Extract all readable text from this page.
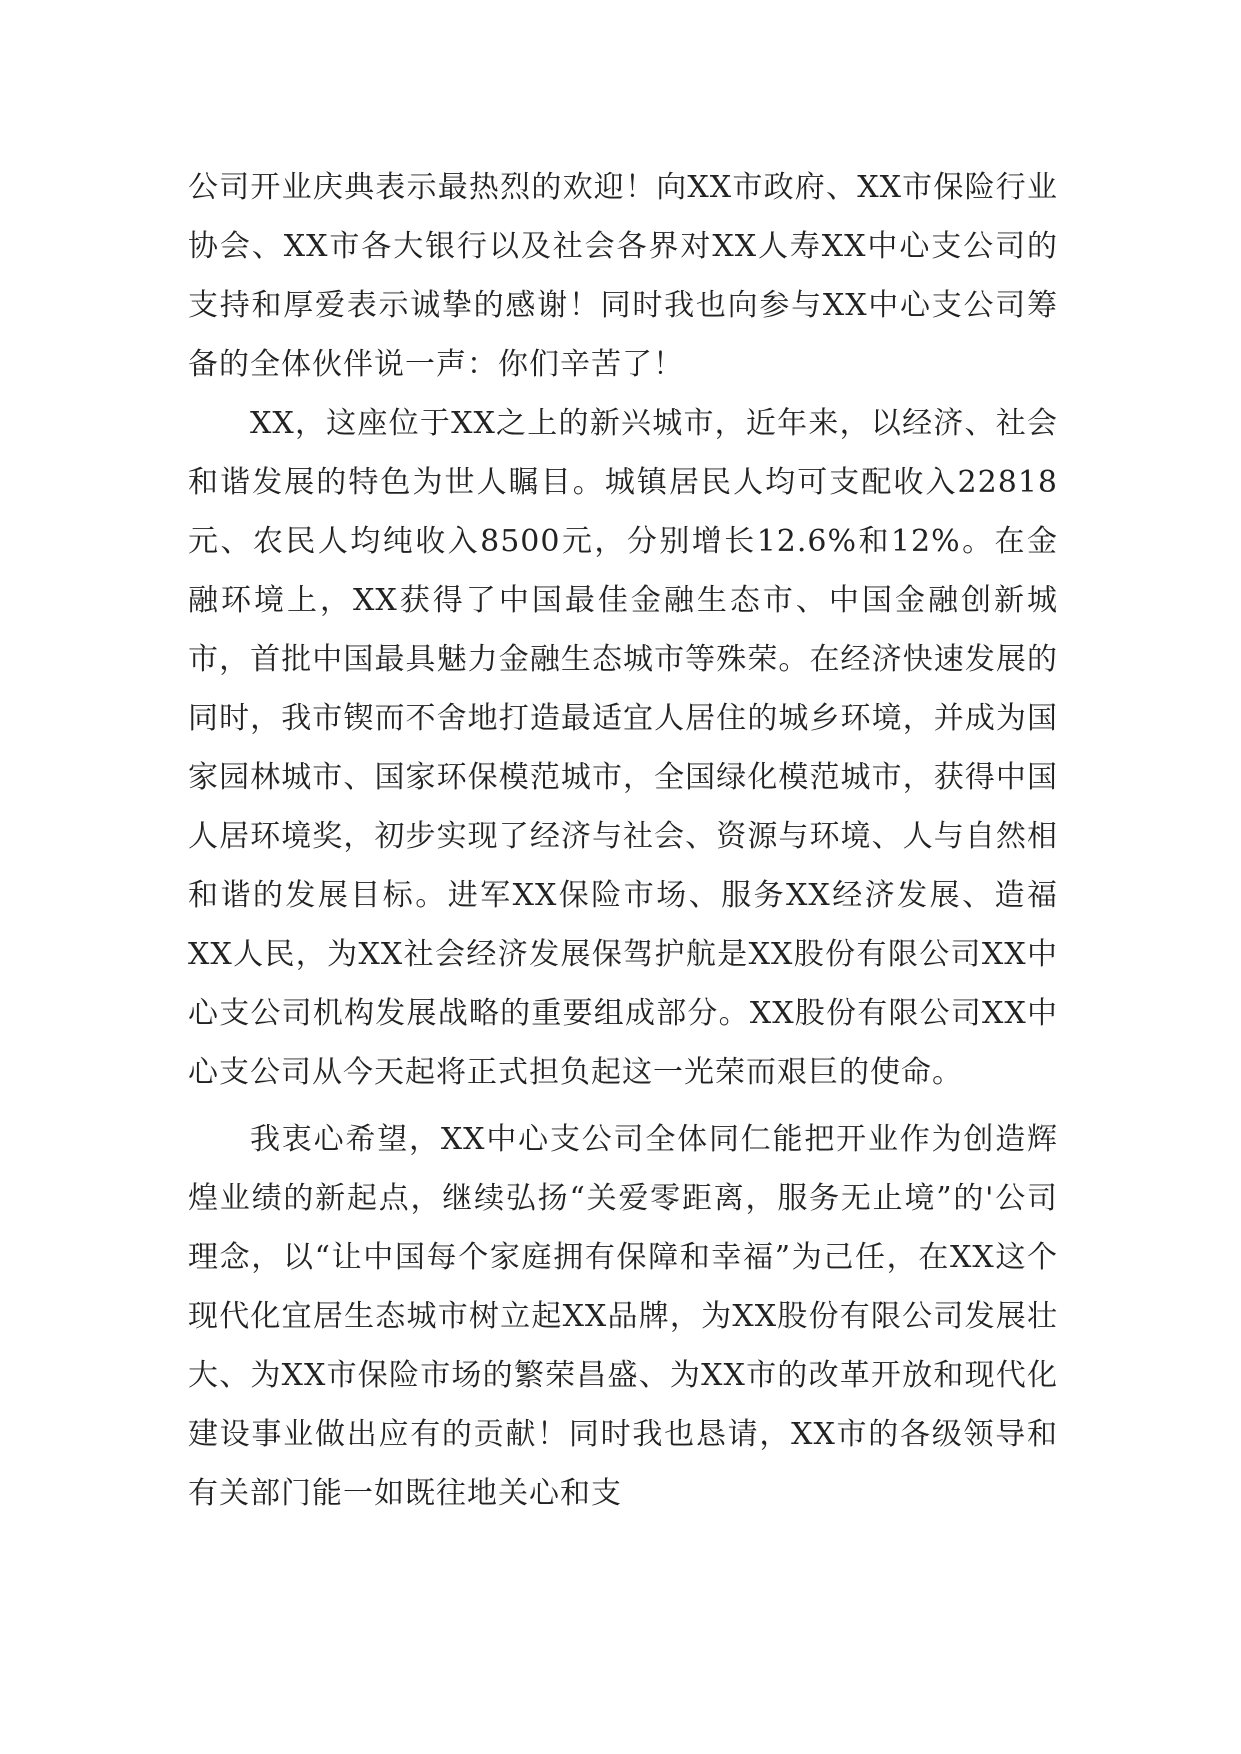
公司开业庆典表示最热烈的欢迎！向XX市政府、XX市保险行业协会、XX市各大银行以及社会各界对XX人寿XX中心支公司的支持和厚爱表示诚挚的感谢！同时我也向参与XX中心支公司筹备的全体伙伴说一声：你们辛苦了！

XX，这座位于XX之上的新兴城市，近年来，以经济、社会和谐发展的特色为世人瞩目。城镇居民人均可支配收入22818元、农民人均纯收入8500元，分别增长12.6%和12%。在金融环境上，XX获得了中国最佳金融生态市、中国金融创新城市，首批中国最具魅力金融生态城市等殊荣。在经济快速发展的同时，我市锲而不舍地打造最适宜人居住的城乡环境，并成为国家园林城市、国家环保模范城市，全国绿化模范城市，获得中国人居环境奖，初步实现了经济与社会、资源与环境、人与自然相和谐的发展目标。进军XX保险市场、服务XX经济发展、造福XX人民，为XX社会经济发展保驾护航是XX股份有限公司XX中心支公司机构发展战略的重要组成部分。XX股份有限公司XX中心支公司从今天起将正式担负起这一光荣而艰巨的使命。

我衷心希望，XX中心支公司全体同仁能把开业作为创造辉煌业绩的新起点，继续弘扬“关爱零距离，服务无止境”的'公司理念，以“让中国每个家庭拥有保障和幸福”为己任，在XX这个现代化宜居生态城市树立起XX品牌，为XX股份有限公司发展壮大、为XX市保险市场的繁荣昌盛、为XX市的改革开放和现代化建设事业做出应有的贡献！同时我也恳请，XX市的各级领导和有关部门能一如既往地关心和支
